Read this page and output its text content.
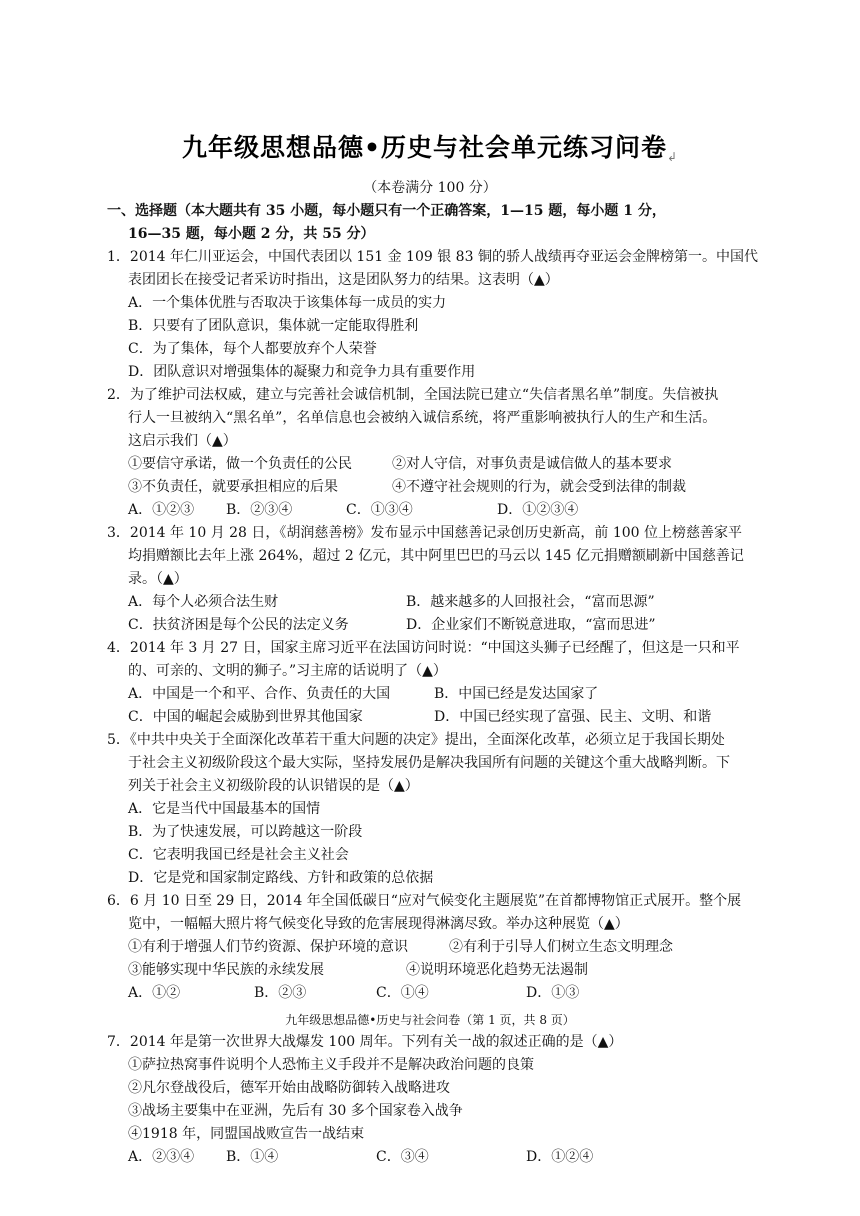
九年级思想品德•历史与社会单元练习问卷↲
（本卷满分 100 分）
一、选择题（本大题共有 35 小题，每小题只有一个正确答案，1—15 题，每小题 1 分，
16—35 题，每小题 2 分，共 55 分）
1．2014 年仁川亚运会，中国代表团以 151 金 109 银 83 铜的骄人战绩再夺亚运会金牌榜第一。中国代
表团团长在接受记者采访时指出，这是团队努力的结果。这表明（▲）
A．一个集体优胜与否取决于该集体每一成员的实力
B．只要有了团队意识，集体就一定能取得胜利
C．为了集体，每个人都要放弃个人荣誉
D．团队意识对增强集体的凝聚力和竞争力具有重要作用
2．为了维护司法权威，建立与完善社会诚信机制，全国法院已建立“失信者黑名单”制度。失信被执
行人一旦被纳入“黑名单”，名单信息也会被纳入诚信系统，将严重影响被执行人的生产和生活。
这启示我们（▲）
①要信守承诺，做一个负责任的公民	②对人守信，对事负责是诚信做人的基本要求
③不负责任，就要承担相应的后果	④不遵守社会规则的行为，就会受到法律的制裁
A．①②③ B．②③④	C．①③④	D．①②③④
3．2014 年 10 月 28 日，《胡润慈善榜》发布显示中国慈善记录创历史新高，前 100 位上榜慈善家平
均捐赠额比去年上涨 264%，超过 2 亿元，其中阿里巴巴的马云以 145 亿元捐赠额刷新中国慈善记
录。（▲）
A．每个人必须合法生财	B．越来越多的人回报社会，“富而思源”
C．扶贫济困是每个公民的法定义务	D．企业家们不断锐意进取，“富而思进”
4．2014 年 3 月 27 日，国家主席习近平在法国访问时说：“中国这头狮子已经醒了，但这是一只和平
的、可亲的、文明的狮子。”习主席的话说明了（▲）
A．中国是一个和平、合作、负责任的大国	B．中国已经是发达国家了
C．中国的崛起会威胁到世界其他国家	D．中国已经实现了富强、民主、文明、和谐
5．《中共中央关于全面深化改革若干重大问题的决定》提出，全面深化改革，必须立足于我国长期处
于社会主义初级阶段这个最大实际，坚持发展仍是解决我国所有问题的关键这个重大战略判断。下
列关于社会主义初级阶段的认识错误的是（▲）
A．它是当代中国最基本的国情
B．为了快速发展，可以跨越这一阶段
C．它表明我国已经是社会主义社会
D．它是党和国家制定路线、方针和政策的总依据
6．6 月 10 日至 29 日，2014 年全国低碳日“应对气候变化主题展览”在首都博物馆正式展开。整个展
览中，一幅幅大照片将气候变化导致的危害展现得淋漓尽致。举办这种展览（▲）
①有利于增强人们节约资源、保护环境的意识	②有利于引导人们树立生态文明理念
③能够实现中华民族的永续发展	④说明环境恶化趋势无法遏制
A．①②	B．②③	C．①④	D．①③
九年级思想品德•历史与社会问卷（第 1 页，共 8 页）
7．2014 年是第一次世界大战爆发 100 周年。下列有关一战的叙述正确的是（▲）
①萨拉热窝事件说明个人恐怖主义手段并不是解决政治问题的良策
②凡尔登战役后，德军开始由战略防御转入战略进攻
③战场主要集中在亚洲，先后有 30 多个国家卷入战争
④1918 年，同盟国战败宣告一战结束
A．②③④ B．①④	C．③④	D．①②④
